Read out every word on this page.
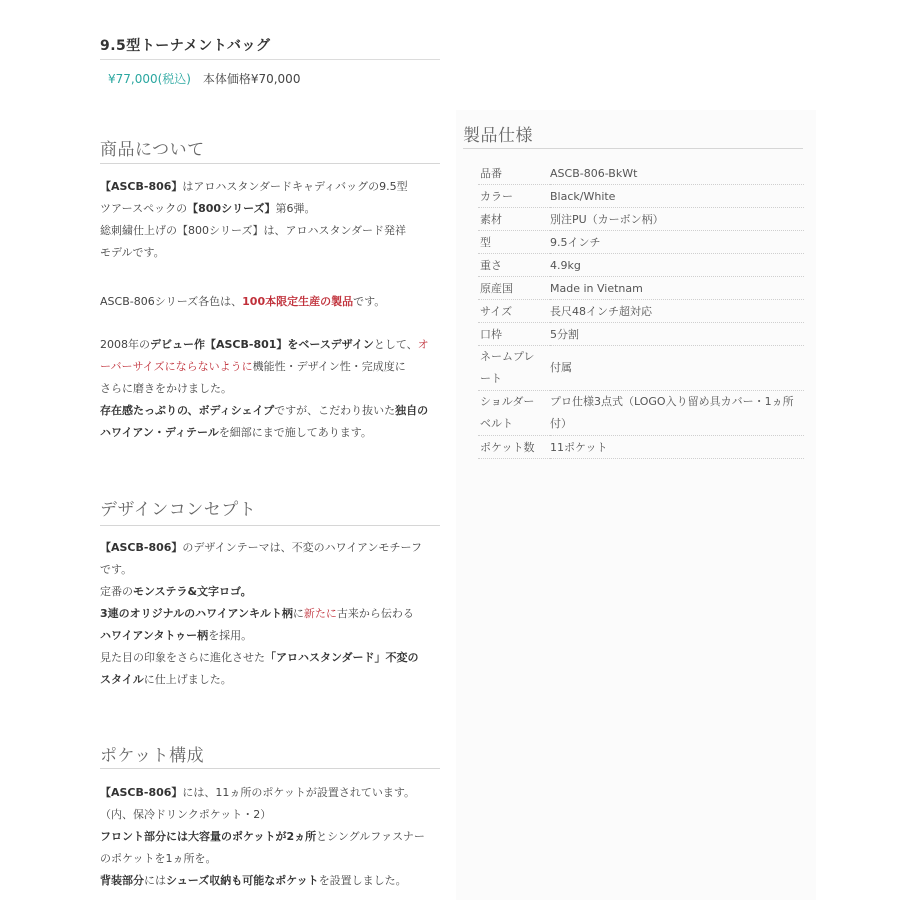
9.5型トーナメントバッグ
¥77,000(税込) 本体価格¥70,000
商品について
【ASCB-806】はアロハスタンダードキャディバッグの9.5型
ツアースペックの【800シリーズ】第6弾。
総刺繍仕上げの【800シリーズ】は、アロハスタンダード発祥
モデルです。
ASCB-806シリーズ各色は、100本限定生産の製品です。
2008年のデビュー作【ASCB-801】をベースデザインとして、オ
ーバーサイズにならないように機能性・デザイン性・完成度に
さらに磨きをかけました。
存在感たっぷりの、ボディシェイプですが、こだわり抜いた独自の
ハワイアン・ディテールを細部にまで施してあります。
デザインコンセプト
【ASCB-806】のデザインテーマは、不変のハワイアンモチーフ
です。
定番のモンステラ&文字ロゴ。
3連のオリジナルのハワイアンキルト柄に新たに古来から伝わる
ハワイアンタトゥー柄を採用。
見た目の印象をさらに進化させた「アロハスタンダード」不変の
スタイルに仕上げました。
ポケット構成
【ASCB-806】には、11ヵ所のポケットが設置されています。
（内、保冷ドリンクポケット・2）
フロント部分には大容量のポケットが2ヵ所とシングルファスナー
のポケットを1ヵ所を。
背装部分にはシューズ収納も可能なポケットを設置しました。
製品仕様
品番	ASCB-806-BkWt
カラー	Black/White
素材	別注PU（カーボン柄）
型	9.5インチ
重さ	4.9kg
原産国	Made in Vietnam
サイズ	長尺48インチ超対応
口枠	5分割
ネームプレート	付属
ショルダーベルト	プロ仕様3点式（LOGO入り留め具カバー・1ヵ所付）
ポケット数	11ポケット
